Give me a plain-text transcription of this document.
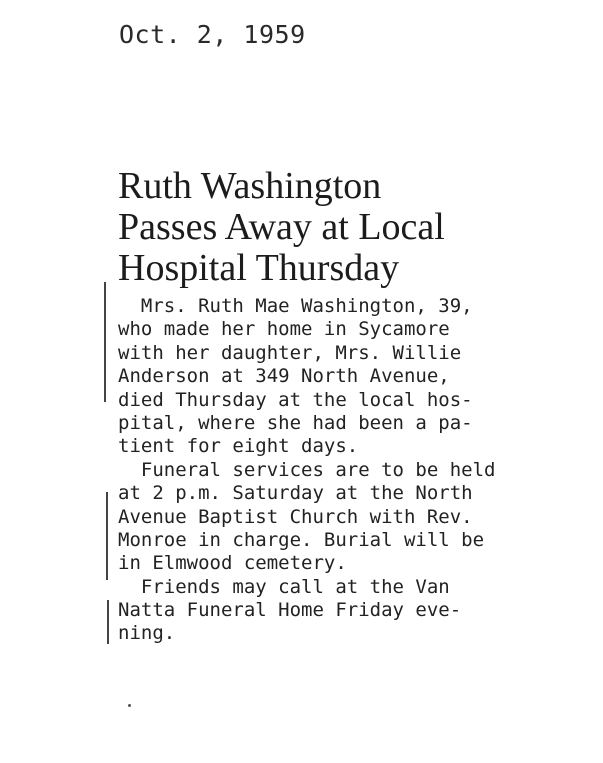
Oct. 2, 1959
Ruth Washington
Passes Away at Local
Hospital Thursday
Mrs. Ruth Mae Washington, 39,
who made her home in Sycamore
with her daughter, Mrs. Willie
Anderson at 349 North Avenue,
died Thursday at the local hos-
pital, where she had been a pa-
tient for eight days.
Funeral services are to be held
at 2 p.m. Saturday at the North
Avenue Baptist Church with Rev.
Monroe in charge. Burial will be
in Elmwood cemetery.
Friends may call at the Van
Natta Funeral Home Friday eve-
ning.
